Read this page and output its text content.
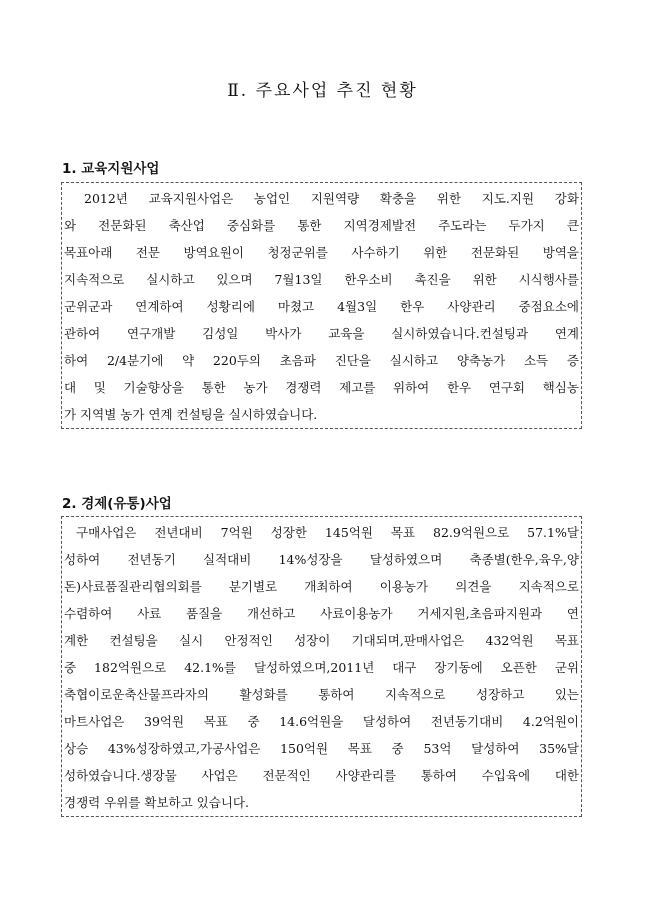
Ⅱ. 주요사업 추진 현황
1. 교육지원사업
2012년 교육지원사업은 농업인 지원역량 확충을 위한 지도.지원 강화
와 전문화된 축산업 중심화를 통한 지역경제발전 주도라는 두가지 큰
목표아래 전문 방역요원이 청정군위를 사수하기 위한 전문화된 방역을
지속적으로 실시하고 있으며 7월13일 한우소비 촉진을 위한 시식행사를
군위군과 연계하여 성황리에 마쳤고 4월3일 한우 사양관리 중점요소에
관하여 연구개발 김성일 박사가 교육을 실시하였습니다.컨설팅과 연계
하여 2/4분기에 약 220두의 초음파 진단을 실시하고 양축농가 소득 증
대 및 기술향상을 통한 농가 경쟁력 제고를 위하여 한우 연구회 핵심농
가 지역별 농가 연계 컨설팅을 실시하였습니다.
2. 경제(유통)사업
구매사업은 전년대비 7억원 성장한 145억원 목표 82.9억원으로 57.1%달
성하여 전년동기 실적대비 14%성장을 달성하였으며 축종별(한우,육우,양
돈)사료품질관리협의회를 분기별로 개최하여 이용농가 의견을 지속적으로
수렴하여 사료 품질을 개선하고 사료이용농가 거세지원,초음파지원과 연
계한 컨설팅을 실시 안정적인 성장이 기대되며,판매사업은 432억원 목표
중 182억원으로 42.1%를 달성하였으며,2011년 대구 장기동에 오픈한 군위
축협이로운축산물프라자의 활성화를 통하여 지속적으로 성장하고 있는
마트사업은 39억원 목표 중 14.6억원을 달성하여 전년동기대비 4.2억원이
상승 43%성장하였고,가공사업은 150억원 목표 중 53억 달성하여 35%달
성하였습니다.생장물 사업은 전문적인 사양관리를 통하여 수입육에 대한
경쟁력 우위를 확보하고 있습니다.
